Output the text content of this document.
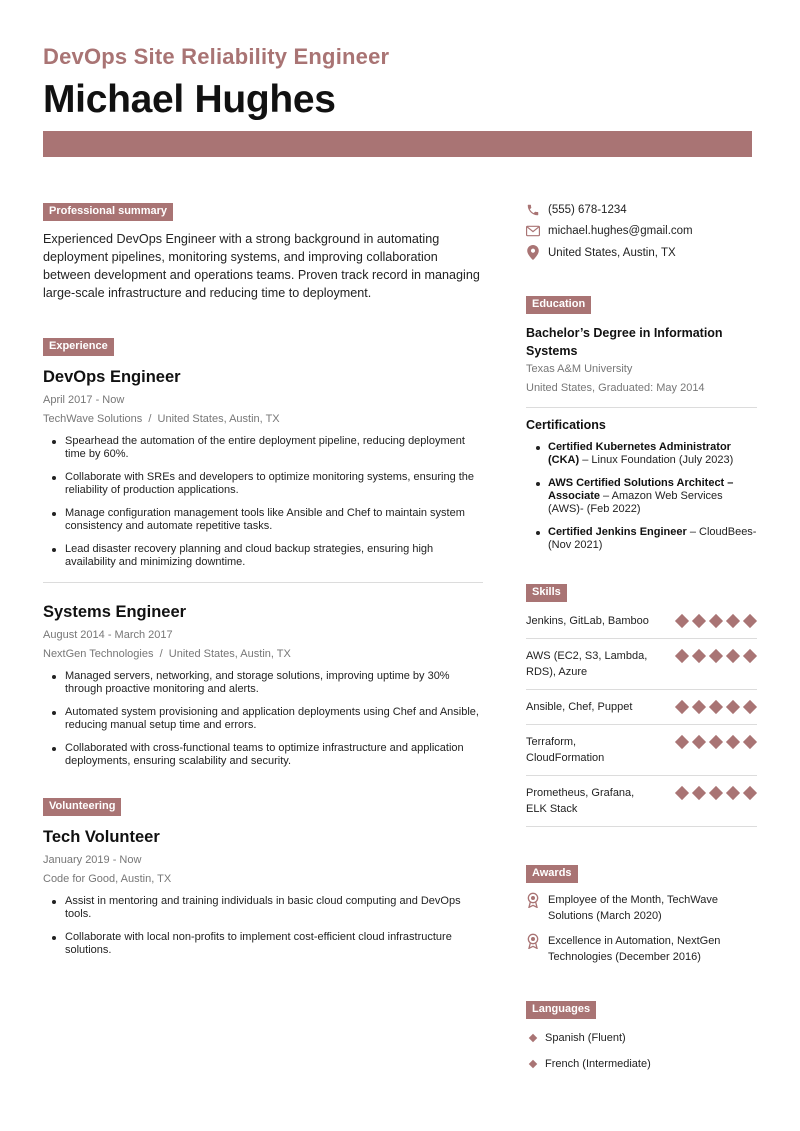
DevOps Site Reliability Engineer
Michael Hughes
Professional summary

Experienced DevOps Engineer with a strong background in automating deployment pipelines, monitoring systems, and improving collaboration between development and operations teams. Proven track record in managing large-scale infrastructure and reducing time to deployment.

Experience
DevOps Engineer
April 2017 - Now
TechWave Solutions  /  United States, Austin, TX
Spearhead the automation of the entire deployment pipeline, reducing deployment time by 60%.
Collaborate with SREs and developers to optimize monitoring systems, ensuring the reliability of production applications.
Manage configuration management tools like Ansible and Chef to maintain system consistency and automate repetitive tasks.
Lead disaster recovery planning and cloud backup strategies, ensuring high availability and minimizing downtime.
Systems Engineer
August 2014 - March 2017
NextGen Technologies  /  United States, Austin, TX
Managed servers, networking, and storage solutions, improving uptime by 30% through proactive monitoring and alerts.
Automated system provisioning and application deployments using Chef and Ansible, reducing manual setup time and errors.
Collaborated with cross-functional teams to optimize infrastructure and application deployments, ensuring scalability and security.
Volunteering
Tech Volunteer
January 2019 - Now
Code for Good, Austin, TX
Assist in mentoring and training individuals in basic cloud computing and DevOps tools.
Collaborate with local non-profits to implement cost-efficient cloud infrastructure solutions.
(555) 678-1234
michael.hughes@gmail.com
United States, Austin, TX
Education
Bachelor’s Degree in Information Systems
Texas A&M University
United States, Graduated: May 2014
Certifications
Certified Kubernetes Administrator (CKA) – Linux Foundation (July 2023)
AWS Certified Solutions Architect – Associate – Amazon Web Services (AWS)- (Feb 2022)
Certified Jenkins Engineer – CloudBees- (Nov 2021)
Skills
Jenkins, GitLab, Bamboo
AWS (EC2, S3, Lambda, RDS), Azure
Ansible, Chef, Puppet
Terraform, CloudFormation
Prometheus, Grafana, ELK Stack
Awards
Employee of the Month, TechWave Solutions (March 2020)
Excellence in Automation, NextGen Technologies (December 2016)
Languages
Spanish (Fluent)
French (Intermediate)
